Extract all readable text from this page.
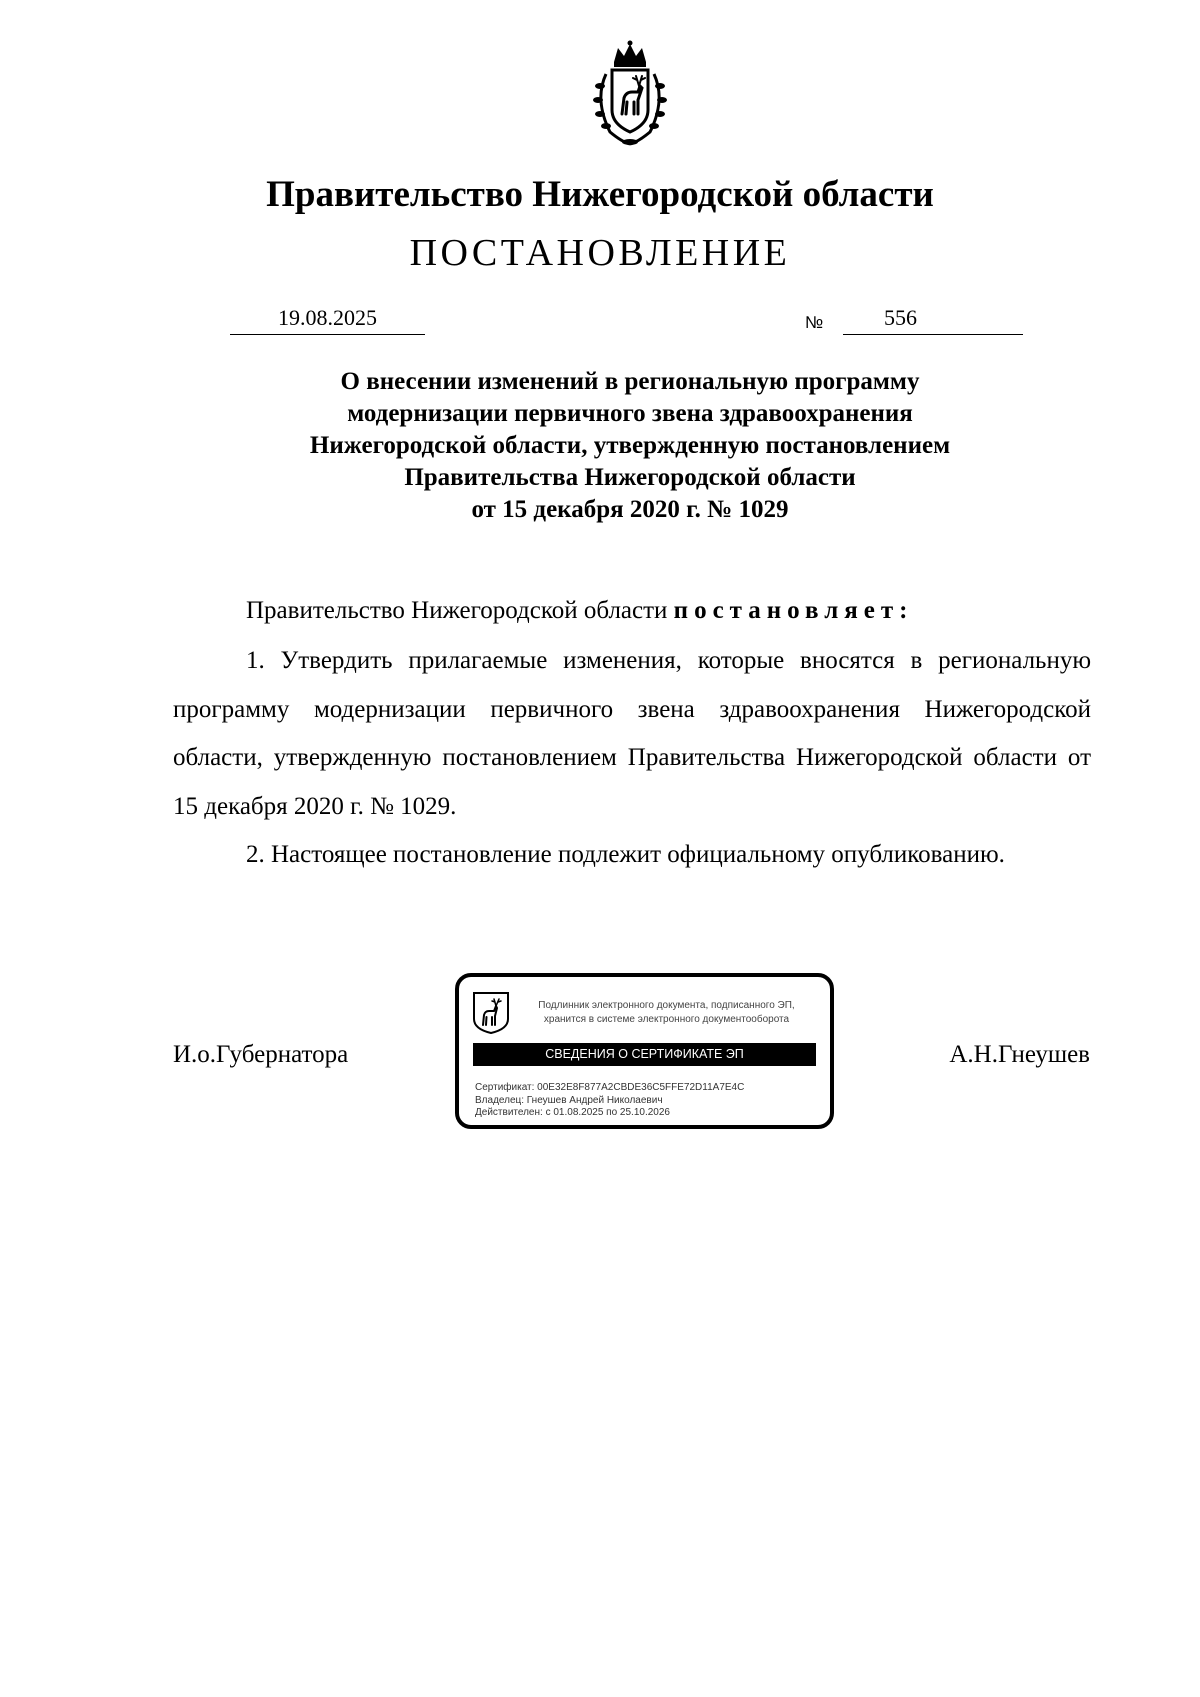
Правительство Нижегородской области
ПОСТАНОВЛЕНИЕ
19.08.2025	№	556
О внесении изменений в региональную программу
модернизации первичного звена здравоохранения
Нижегородской области, утвержденную постановлением
Правительства Нижегородской области
от 15 декабря 2020 г. № 1029
Правительство Нижегородской области постановляет:

1. Утвердить прилагаемые изменения, которые вносятся в региональную программу модернизации первичного звена здравоохранения Нижегородской области, утвержденную постановлением Правительства Нижегородской области от 15 декабря 2020 г. № 1029.

2. Настоящее постановление подлежит официальному опубликованию.

И.о.Губернатора	А.Н.Гнеушев
Подлинник электронного документа, подписанного ЭП,
хранится в системе электронного документооборота
СВЕДЕНИЯ О СЕРТИФИКАТЕ ЭП
Сертификат: 00E32E8F877A2CBDE36C5FFE72D11A7E4C
Владелец: Гнеушев Андрей Николаевич
Действителен: с 01.08.2025 по 25.10.2026
